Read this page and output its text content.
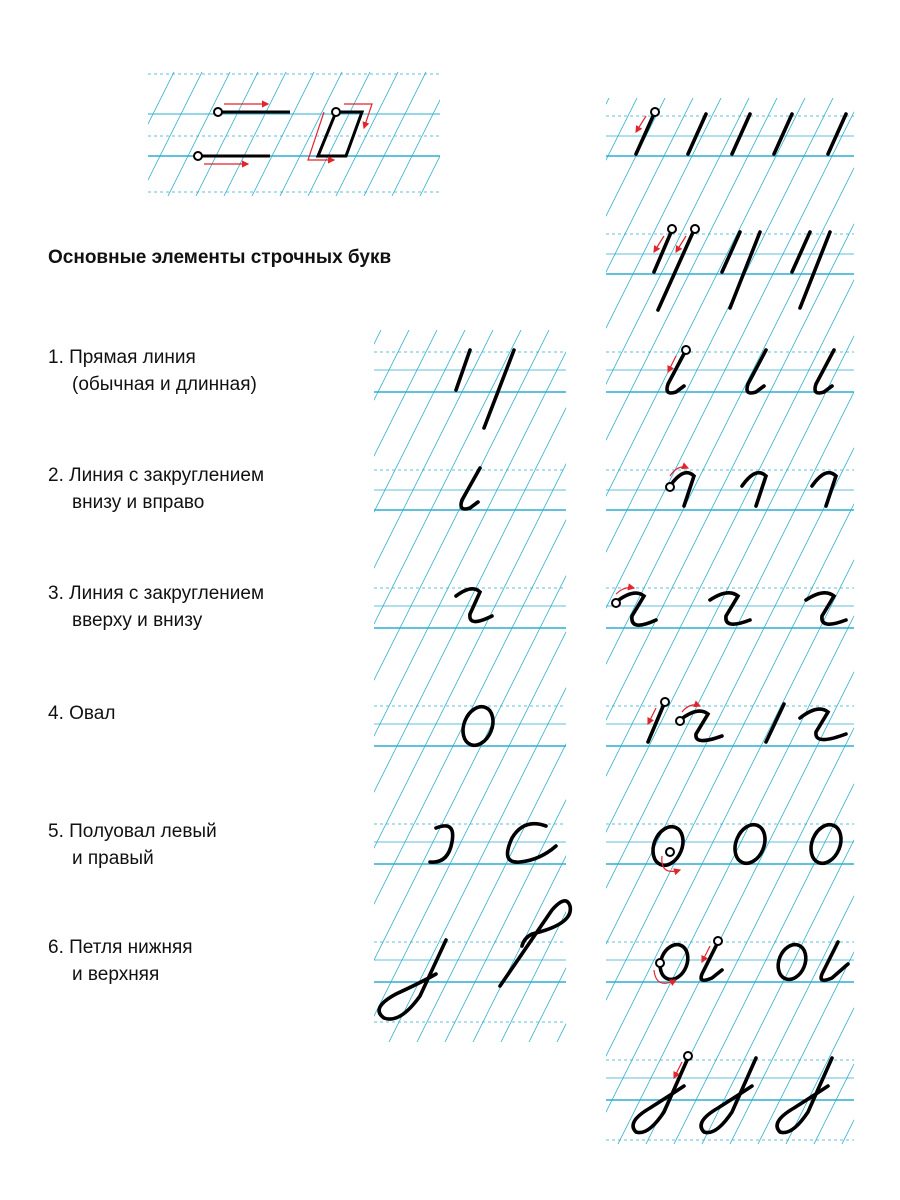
Основные элементы строчных букв
1. Прямая линия
(обычная и длинная)
2. Линия с закруглением
внизу и вправо
3. Линия с закруглением
вверху и внизу
4. Овал
5. Полуовал левый
и правый
6. Петля нижняя
и верхняя
